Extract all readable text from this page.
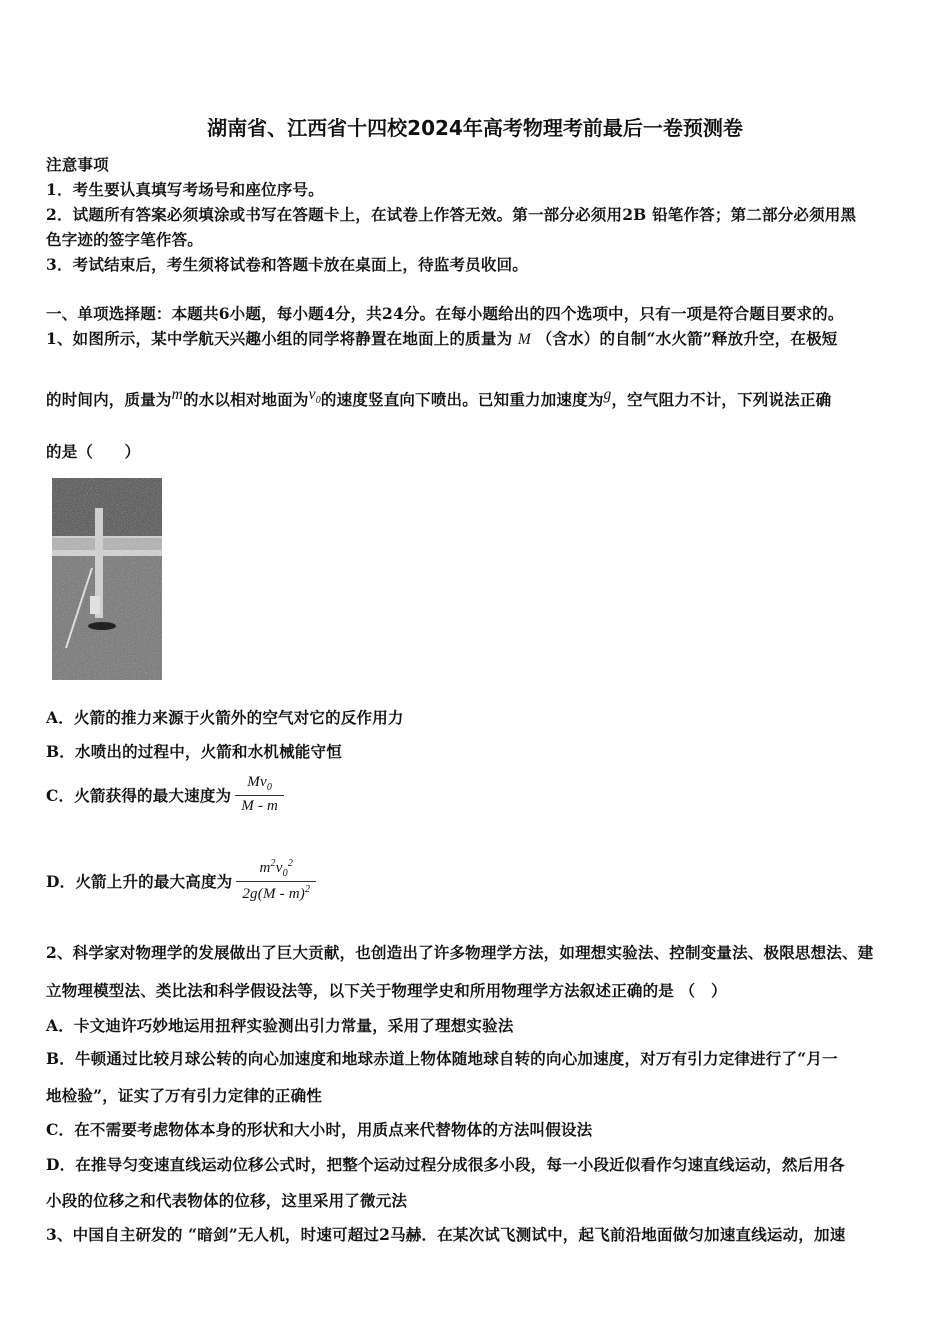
湖南省、江西省十四校2024年高考物理考前最后一卷预测卷
注意事项
1．考生要认真填写考场号和座位序号。
2．试题所有答案必须填涂或书写在答题卡上，在试卷上作答无效。第一部分必须用2B 铅笔作答；第二部分必须用黑
色字迹的签字笔作答。
3．考试结束后，考生须将试卷和答题卡放在桌面上，待监考员收回。
一、单项选择题：本题共6小题，每小题4分，共24分。在每小题给出的四个选项中，只有一项是符合题目要求的。
1、如图所示，某中学航天兴趣小组的同学将静置在地面上的质量为 M （含水）的自制“水火箭”释放升空，在极短
的时间内，质量为m的水以相对地面为$v_0$的速度竖直向下喷出。已知重力加速度为g，空气阻力不计，下列说法正确
的是（　　）
A．火箭的推力来源于火箭外的空气对它的反作用力
B．水喷出的过程中，火箭和水机械能守恒
C．火箭获得的最大速度为 $\frac{Mv_0}{M - m}$
D．火箭上升的最大高度为 $\frac{m^2v_0^2}{2g(M - m)^2}$
2、科学家对物理学的发展做出了巨大贡献，也创造出了许多物理学方法，如理想实验法、控制变量法、极限思想法、建
立物理模型法、类比法和科学假设法等，以下关于物理学史和所用物理学方法叙述正确的是 （　）
A．卡文迪许巧妙地运用扭秤实验测出引力常量，采用了理想实验法
B．牛顿通过比较月球公转的向心加速度和地球赤道上物体随地球自转的向心加速度，对万有引力定律进行了“月一
地检验”，证实了万有引力定律的正确性
C．在不需要考虑物体本身的形状和大小时，用质点来代替物体的方法叫假设法
D．在推导匀变速直线运动位移公式时，把整个运动过程分成很多小段，每一小段近似看作匀速直线运动，然后用各
小段的位移之和代表物体的位移，这里采用了微元法
3、中国自主研发的 “暗剑”无人机，时速可超过2马赫．在某次试飞测试中，起飞前沿地面做匀加速直线运动，加速
